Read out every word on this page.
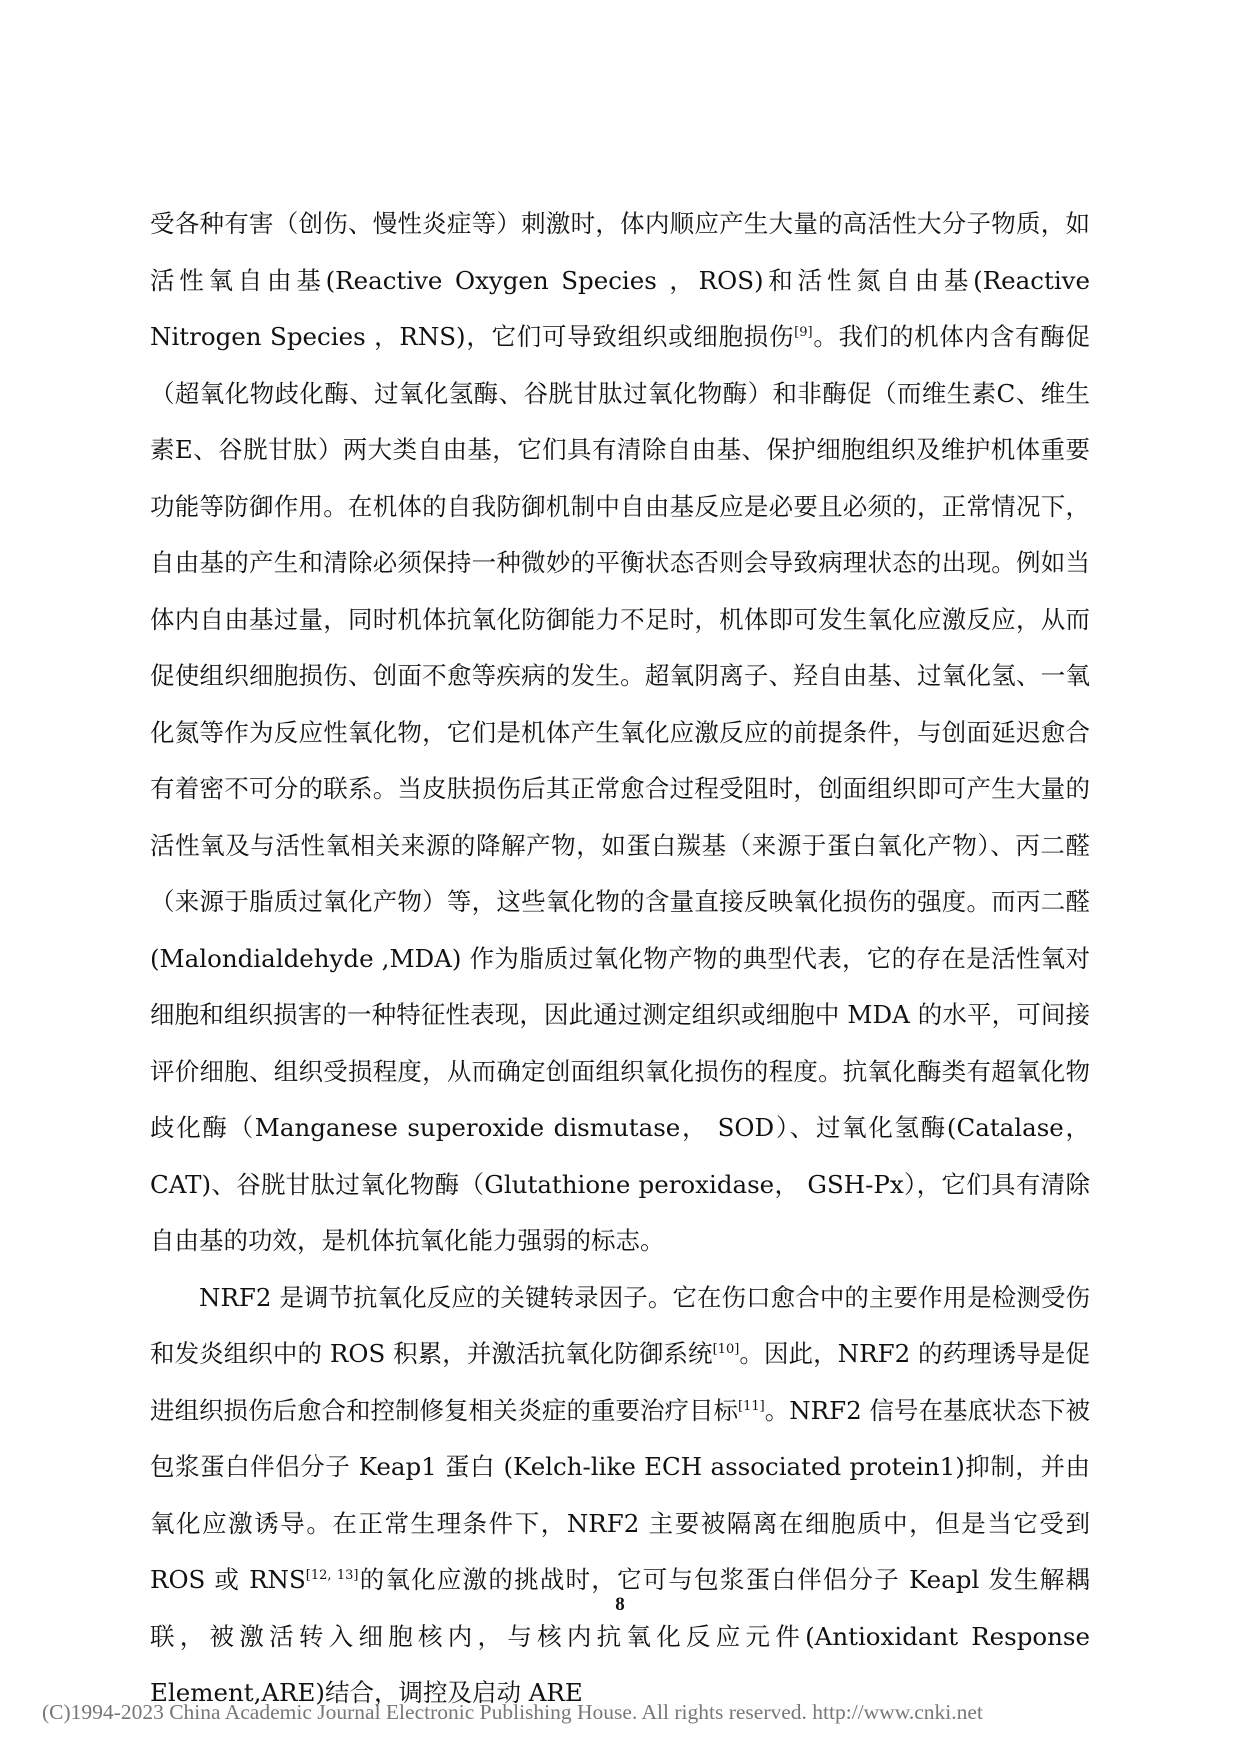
受各种有害（创伤、慢性炎症等）刺激时，体内顺应产生大量的高活性大分子物质，如活性氧自由基(Reactive Oxygen Species ，ROS)和活性氮自由基(Reactive Nitrogen Species ，RNS)，它们可导致组织或细胞损伤[9]。我们的机体内含有酶促（超氧化物歧化酶、过氧化氢酶、谷胱甘肽过氧化物酶）和非酶促（而维生素C、维生素E、谷胱甘肽）两大类自由基，它们具有清除自由基、保护细胞组织及维护机体重要功能等防御作用。在机体的自我防御机制中自由基反应是必要且必须的，正常情况下，自由基的产生和清除必须保持一种微妙的平衡状态否则会导致病理状态的出现。例如当体内自由基过量，同时机体抗氧化防御能力不足时，机体即可发生氧化应激反应，从而促使组织细胞损伤、创面不愈等疾病的发生。超氧阴离子、羟自由基、过氧化氢、一氧化氮等作为反应性氧化物，它们是机体产生氧化应激反应的前提条件，与创面延迟愈合有着密不可分的联系。当皮肤损伤后其正常愈合过程受阻时，创面组织即可产生大量的活性氧及与活性氧相关来源的降解产物，如蛋白羰基（来源于蛋白氧化产物）、丙二醛（来源于脂质过氧化产物）等，这些氧化物的含量直接反映氧化损伤的强度。而丙二醛(Malondialdehyde ,MDA) 作为脂质过氧化物产物的典型代表，它的存在是活性氧对细胞和组织损害的一种特征性表现，因此通过测定组织或细胞中 MDA 的水平，可间接评价细胞、组织受损程度，从而确定创面组织氧化损伤的程度。抗氧化酶类有超氧化物歧化酶（Manganese superoxide dismutase， SOD）、过氧化氢酶(Catalase， CAT)、谷胱甘肽过氧化物酶（Glutathione peroxidase， GSH-Px），它们具有清除自由基的功效，是机体抗氧化能力强弱的标志。

NRF2 是调节抗氧化反应的关键转录因子。它在伤口愈合中的主要作用是检测受伤和发炎组织中的 ROS 积累，并激活抗氧化防御系统[10]。因此，NRF2 的药理诱导是促进组织损伤后愈合和控制修复相关炎症的重要治疗目标[11]。NRF2 信号在基底状态下被包浆蛋白伴侣分子 Keap1 蛋白 (Kelch-like ECH associated protein1)抑制，并由氧化应激诱导。在正常生理条件下，NRF2 主要被隔离在细胞质中，但是当它受到 ROS 或 RNS[12, 13]的氧化应激的挑战时，它可与包浆蛋白伴侣分子 Keapl 发生解耦联，被激活转入细胞核内，与核内抗氧化反应元件(Antioxidant Response Element,ARE)结合，调控及启动 ARE

8
(C)1994-2023 China Academic Journal Electronic Publishing House. All rights reserved. http://www.cnki.net
